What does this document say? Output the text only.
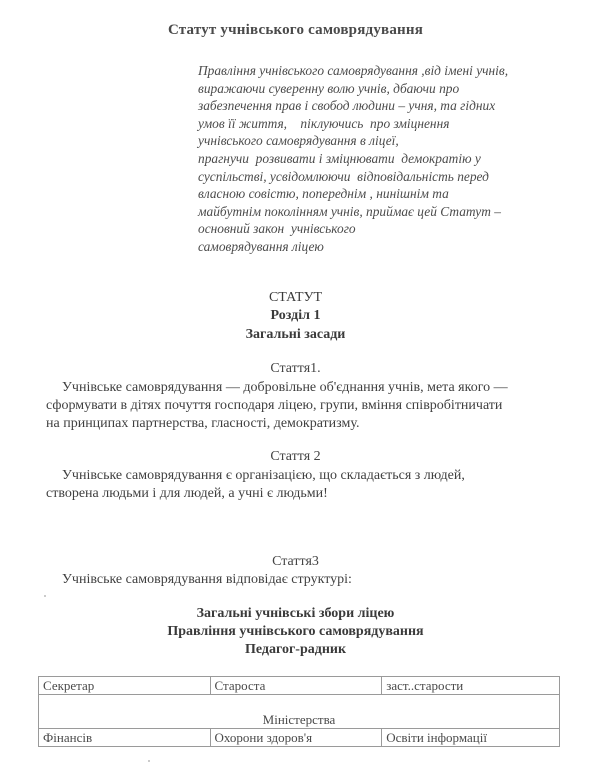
Статут учнівського самоврядування
Правління учнівського самоврядування ,від імені учнів,
виражаючи суверенну волю учнів, дбаючи про
забезпечення прав і свобод людини – учня, та гідних
умов її життя,    піклуючись  про зміцнення
учнівського самоврядування в ліцеї,
прагнучи  розвивати і зміцнювати  демократію у
суспільстві, усвідомлюючи  відповідальність перед
власною совістю, попереднім , нинішнім та
майбутнім поколінням учнів, приймає цей Статут –
основний закон  учнівського
самоврядування ліцею
СТАТУТ
Розділ 1
Загальні засади
Стаття1.
Учнівське самоврядування — добровільне об'єднання учнів, мета якого —
сформувати в дітях почуття господаря ліцею, групи, вміння співробітничати
на принципах партнерства, гласності, демократизму.
Стаття 2
Учнівське самоврядування є організацією, що складається з людей,
створена людьми і для людей, а учні є людьми!
Стаття3
Учнівське самоврядування відповідає структурі:
Загальні учнівські збори ліцею
Правління учнівського самоврядування
Педагог-радник
Секретар	Староста	заст..старости

Міністерства		
Фінансів	Охорони здоров'я	Освіти інформації
